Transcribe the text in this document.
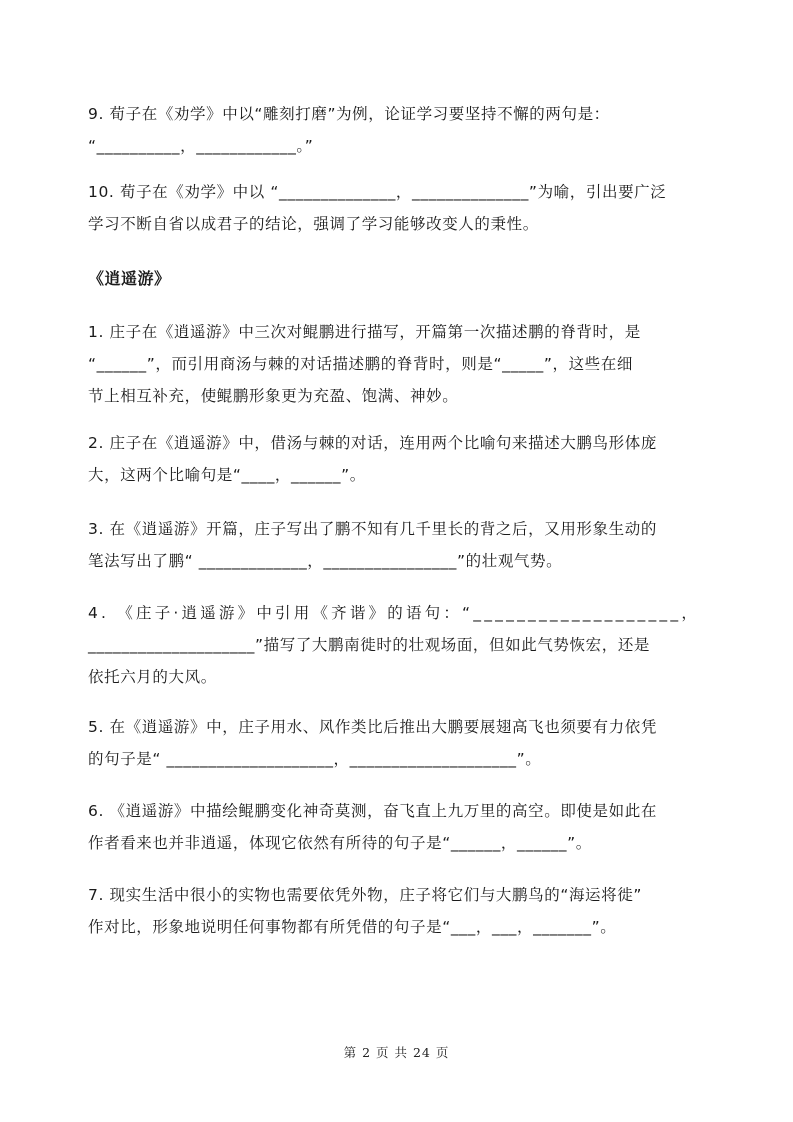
9. 荀子在《劝学》中以“雕刻打磨”为例，论证学习要坚持不懈的两句是：
“__________，____________。”

10. 荀子在《劝学》中以 “______________，______________”为喻，引出要广泛
学习不断自省以成君子的结论，强调了学习能够改变人的秉性。

《逍遥游》

1. 庄子在《逍遥游》中三次对鲲鹏进行描写，开篇第一次描述鹏的脊背时，是
“______”，而引用商汤与棘的对话描述鹏的脊背时，则是“_____”，这些在细
节上相互补充，使鲲鹏形象更为充盈、饱满、神妙。

2. 庄子在《逍遥游》中，借汤与棘的对话，连用两个比喻句来描述大鹏鸟形体庞
大，这两个比喻句是“____，______”。

3. 在《逍遥游》开篇，庄子写出了鹏不知有几千里长的背之后，又用形象生动的
笔法写出了鹏“ _____________，________________”的壮观气势。

4. 《庄子·逍遥游》中引用《齐谐》的语句：“___________________，
____________________”描写了大鹏南徙时的壮观场面，但如此气势恢宏，还是
依托六月的大风。

5. 在《逍遥游》中，庄子用水、风作类比后推出大鹏要展翅高飞也须要有力依凭
的句子是“ ____________________，____________________”。

6. 《逍遥游》中描绘鲲鹏变化神奇莫测，奋飞直上九万里的高空。即使是如此在
作者看来也并非逍遥，体现它依然有所待的句子是“______，______”。

7. 现实生活中很小的实物也需要依凭外物，庄子将它们与大鹏鸟的“海运将徙”
作对比，形象地说明任何事物都有所凭借的句子是“___，___，_______”。

第 2 页 共 24 页
